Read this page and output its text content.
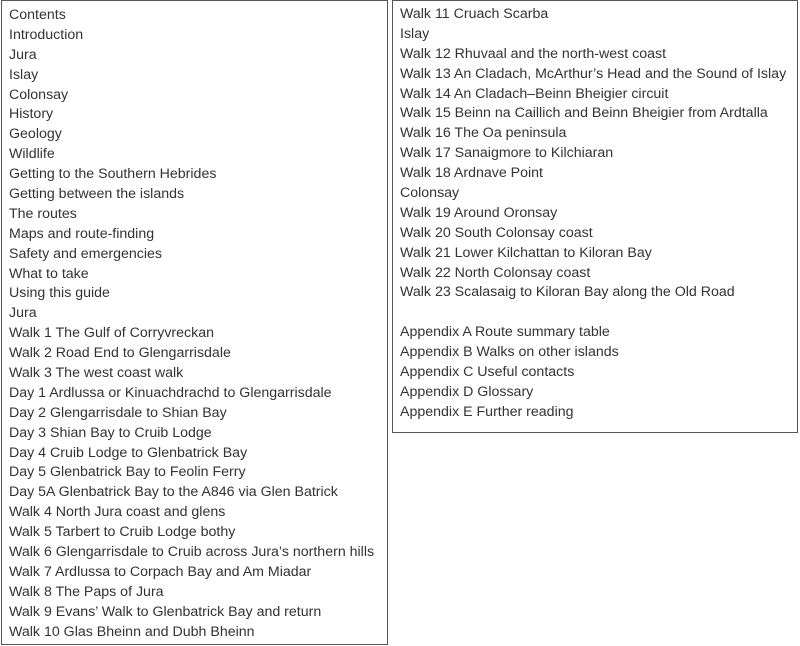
Contents
Introduction
Jura
Islay
Colonsay
History
Geology
Wildlife
Getting to the Southern Hebrides
Getting between the islands
The routes
Maps and route-finding
Safety and emergencies
What to take
Using this guide
Jura
Walk 1 The Gulf of Corryvreckan
Walk 2 Road End to Glengarrisdale
Walk 3 The west coast walk
Day 1 Ardlussa or Kinuachdrachd to Glengarrisdale
Day 2 Glengarrisdale to Shian Bay
Day 3 Shian Bay to Cruib Lodge
Day 4 Cruib Lodge to Glenbatrick Bay
Day 5 Glenbatrick Bay to Feolin Ferry
Day 5A Glenbatrick Bay to the A846 via Glen Batrick
Walk 4 North Jura coast and glens
Walk 5 Tarbert to Cruib Lodge bothy
Walk 6 Glengarrisdale to Cruib across Jura’s northern hills
Walk 7 Ardlussa to Corpach Bay and Am Miadar
Walk 8 The Paps of Jura
Walk 9 Evans’ Walk to Glenbatrick Bay and return
Walk 10 Glas Bheinn and Dubh Bheinn
Walk 11 Cruach Scarba
Islay
Walk 12 Rhuvaal and the north-west coast
Walk 13 An Cladach, McArthur’s Head and the Sound of Islay
Walk 14 An Cladach–Beinn Bheigier circuit
Walk 15 Beinn na Caillich and Beinn Bheigier from Ardtalla
Walk 16 The Oa peninsula
Walk 17 Sanaigmore to Kilchiaran
Walk 18 Ardnave Point
Colonsay
Walk 19 Around Oronsay
Walk 20 South Colonsay coast
Walk 21 Lower Kilchattan to Kiloran Bay
Walk 22 North Colonsay coast
Walk 23 Scalasaig to Kiloran Bay along the Old Road
Appendix A Route summary table
Appendix B Walks on other islands
Appendix C Useful contacts
Appendix D Glossary
Appendix E Further reading
